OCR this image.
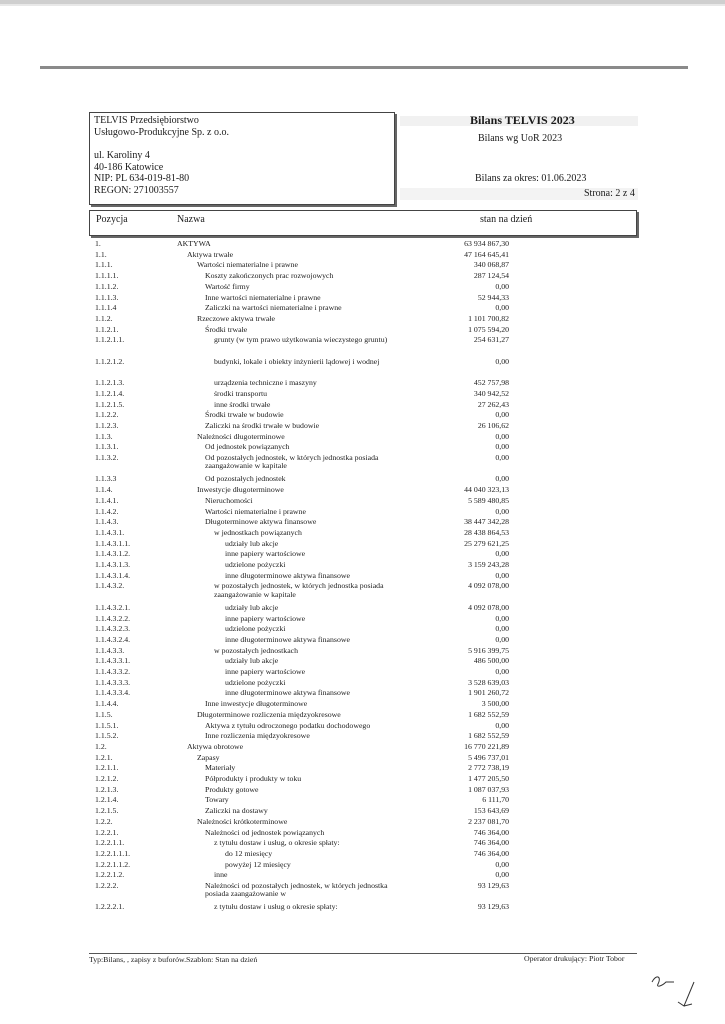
TELVIS Przedsiębiorstwo
Usługowo-Produkcyjne Sp. z o.o.
ul. Karoliny 4
40-186 Katowice
NIP: PL 634-019-81-80
REGON: 271003557
Bilans TELVIS 2023
Bilans wg UoR 2023
Bilans za okres: 01.06.2023
Strona: 2 z 4
Pozycja	Nazwa	stan na dzień
1.	AKTYWA	63 934 867,30
1.1.	Aktywa trwałe	47 164 645,41
1.1.1.	Wartości niematerialne i prawne	340 068,87
1.1.1.1.	Koszty zakończonych prac rozwojowych	287 124,54
1.1.1.2.	Wartość firmy	0,00
1.1.1.3.	Inne wartości niematerialne i prawne	52 944,33
1.1.1.4	Zaliczki na wartości niematerialne i prawne	0,00
1.1.2.	Rzeczowe aktywa trwałe	1 101 700,82
1.1.2.1.	Środki trwałe	1 075 594,20
1.1.2.1.1.	grunty (w tym prawo użytkowania wieczystego gruntu)	254 631,27
1.1.2.1.2.	budynki, lokale i obiekty inżynierii lądowej i wodnej	0,00
1.1.2.1.3.	urządzenia techniczne i maszyny	452 757,98
1.1.2.1.4.	środki transportu	340 942,52
1.1.2.1.5.	inne środki trwałe	27 262,43
1.1.2.2.	Środki trwałe w budowie	0,00
1.1.2.3.	Zaliczki na środki trwałe w budowie	26 106,62
1.1.3.	Należności długoterminowe	0,00
1.1.3.1.	Od jednostek powiązanych	0,00
1.1.3.2.	Od pozostałych jednostek, w których jednostka posiada zaangażowanie w kapitale
0,00
1.1.3.3	Od pozostałych jednostek	0,00
1.1.4.	Inwestycje długoterminowe	44 040 323,13
1.1.4.1.	Nieruchomości	5 589 480,85
1.1.4.2.	Wartości niematerialne i prawne	0,00
1.1.4.3.	Długoterminowe aktywa finansowe	38 447 342,28
1.1.4.3.1.	w jednostkach powiązanych	28 438 864,53
1.1.4.3.1.1.	udziały lub akcje	25 279 621,25
1.1.4.3.1.2.	inne papiery wartościowe	0,00
1.1.4.3.1.3.	udzielone pożyczki	3 159 243,28
1.1.4.3.1.4.	inne długoterminowe aktywa finansowe	0,00
1.1.4.3.2.	w pozostałych jednostek, w których jednostka posiada zaangażowanie w kapitale
4 092 078,00
1.1.4.3.2.1.	udziały lub akcje	4 092 078,00
1.1.4.3.2.2.	inne papiery wartościowe	0,00
1.1.4.3.2.3.	udzielone pożyczki	0,00
1.1.4.3.2.4.	inne długoterminowe aktywa finansowe	0,00
1.1.4.3.3.	w pozostałych jednostkach	5 916 399,75
1.1.4.3.3.1.	udziały lub akcje	486 500,00
1.1.4.3.3.2.	inne papiery wartościowe	0,00
1.1.4.3.3.3.	udzielone pożyczki	3 528 639,03
1.1.4.3.3.4.	inne długoterminowe aktywa finansowe	1 901 260,72
1.1.4.4.	Inne inwestycje długoterminowe	3 500,00
1.1.5.	Długoterminowe rozliczenia międzyokresowe	1 682 552,59
1.1.5.1.	Aktywa z tytułu odroczonego podatku dochodowego	0,00
1.1.5.2.	Inne rozliczenia międzyokresowe	1 682 552,59
1.2.	Aktywa obrotowe	16 770 221,89
1.2.1.	Zapasy	5 496 737,01
1.2.1.1.	Materiały	2 772 738,19
1.2.1.2.	Półprodukty i produkty w toku	1 477 205,50
1.2.1.3.	Produkty gotowe	1 087 037,93
1.2.1.4.	Towary	6 111,70
1.2.1.5.	Zaliczki na dostawy	153 643,69
1.2.2.	Należności krótkoterminowe	2 237 081,70
1.2.2.1.	Należności od jednostek powiązanych	746 364,00
1.2.2.1.1.	z tytułu dostaw i usług, o okresie spłaty:	746 364,00
1.2.2.1.1.1.	do 12 miesięcy	746 364,00
1.2.2.1.1.2.	powyżej 12 miesięcy	0,00
1.2.2.1.2.	inne	0,00
1.2.2.2.	Należności od pozostałych jednostek, w których jednostka posiada zaangażowanie w
93 129,63
1.2.2.2.1.	z tytułu dostaw i usług o okresie spłaty:	93 129,63
Typ:Bilans, , zapisy z buforów.Szablon: Stan na dzień	Operator drukujący: Piotr Tobor
